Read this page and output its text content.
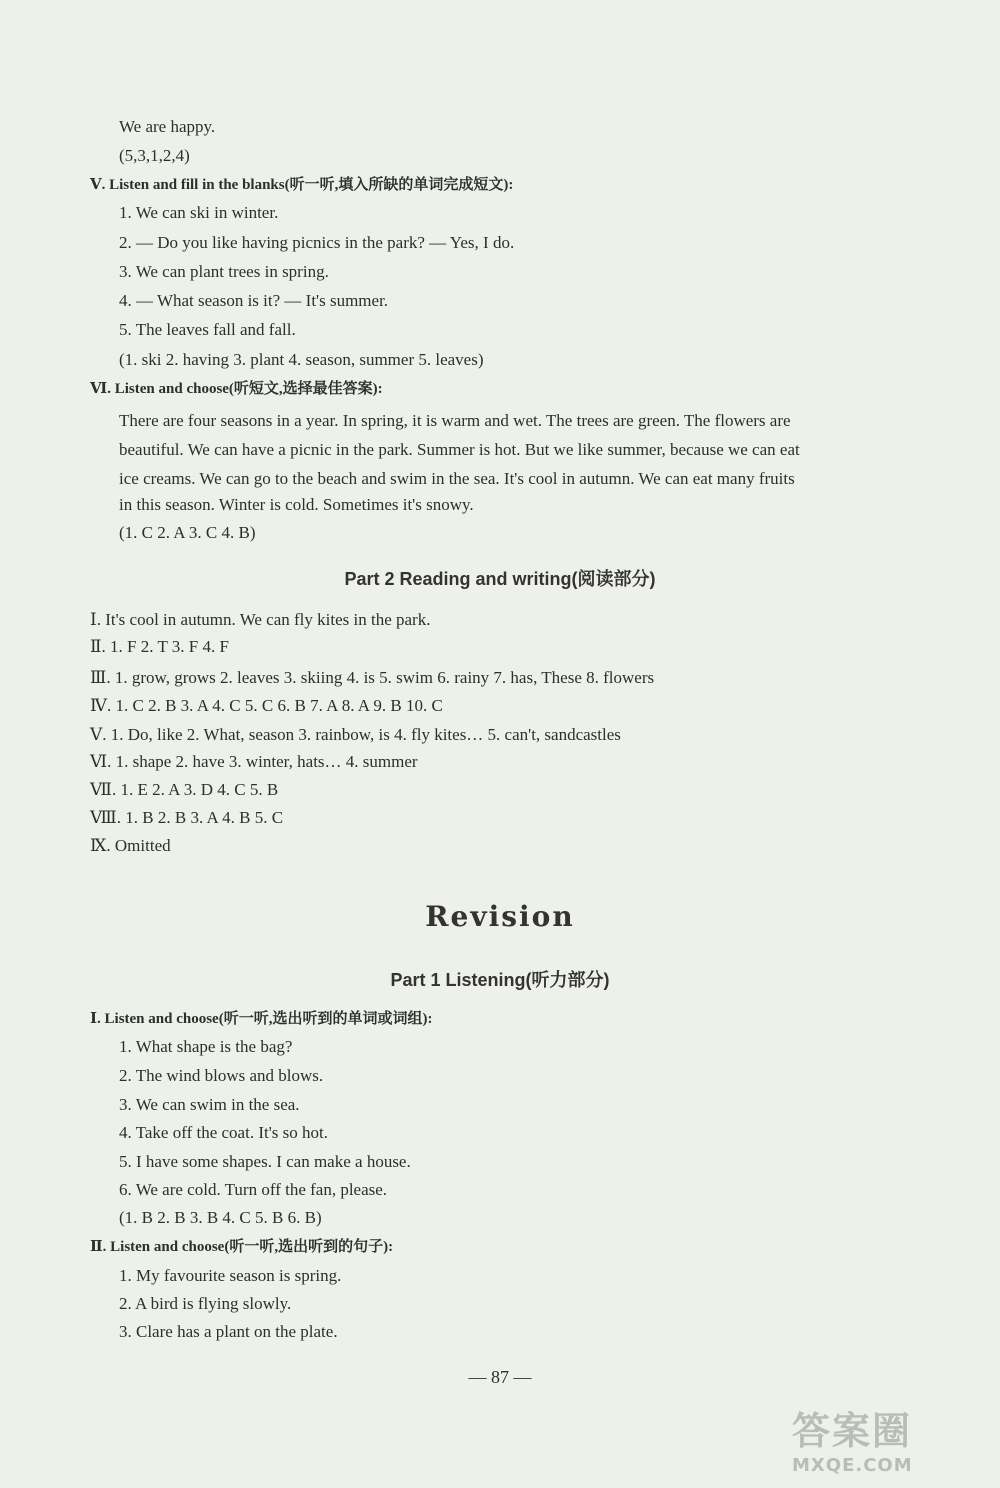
We are happy.
(5,3,1,2,4)
Ⅴ. Listen and fill in the blanks(听一听,填入所缺的单词完成短文):
1. We can ski in winter.
2. — Do you like having picnics in the park? — Yes, I do.
3. We can plant trees in spring.
4. — What season is it? — It's summer.
5. The leaves fall and fall.
(1. ski 2. having 3. plant 4. season, summer 5. leaves)
Ⅵ. Listen and choose(听短文,选择最佳答案):
There are four seasons in a year. In spring, it is warm and wet. The trees are green. The flowers are
beautiful. We can have a picnic in the park. Summer is hot. But we like summer, because we can eat
ice creams. We can go to the beach and swim in the sea. It's cool in autumn. We can eat many fruits
in this season. Winter is cold. Sometimes it's snowy.
(1. C 2. A 3. C 4. B)
Ⅰ. It's cool in autumn. We can fly kites in the park.
Ⅱ. 1. F 2. T 3. F 4. F
Ⅲ. 1. grow, grows 2. leaves 3. skiing 4. is 5. swim 6. rainy 7. has, These 8. flowers
Ⅳ. 1. C 2. B 3. A 4. C 5. C 6. B 7. A 8. A 9. B 10. C
Ⅴ. 1. Do, like 2. What, season 3. rainbow, is 4. fly kites… 5. can't, sandcastles
Ⅵ. 1. shape 2. have 3. winter, hats… 4. summer
Ⅶ. 1. E 2. A 3. D 4. C 5. B
Ⅷ. 1. B 2. B 3. A 4. B 5. C
Ⅸ. Omitted
Ⅰ. Listen and choose(听一听,选出听到的单词或词组):
1. What shape is the bag?
2. The wind blows and blows.
3. We can swim in the sea.
4. Take off the coat. It's so hot.
5. I have some shapes. I can make a house.
6. We are cold. Turn off the fan, please.
(1. B 2. B 3. B 4. C 5. B 6. B)
Ⅱ. Listen and choose(听一听,选出听到的句子):
1. My favourite season is spring.
2. A bird is flying slowly.
3. Clare has a plant on the plate.
Part 2 Reading and writing(阅读部分)
Revision
Part 1 Listening(听力部分)
— 87 —
答案圈
MXQE.COM
